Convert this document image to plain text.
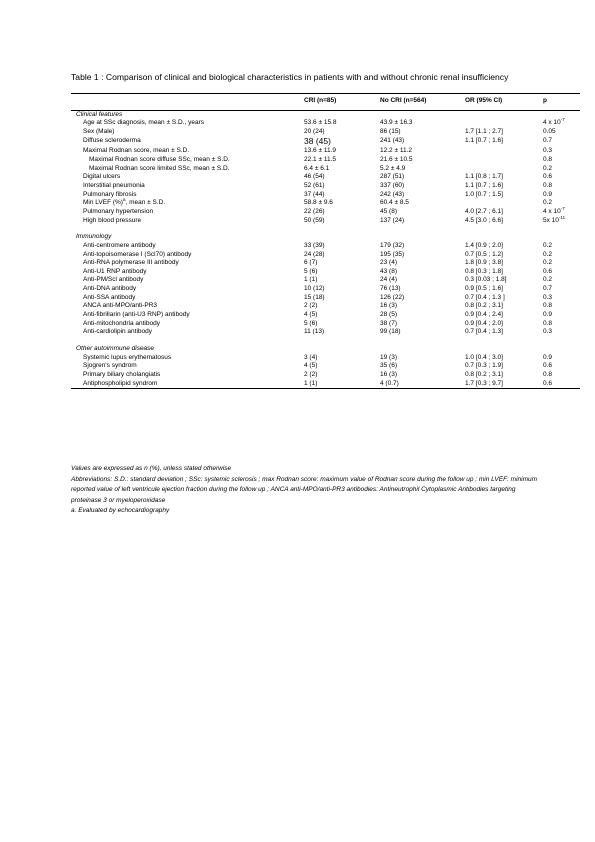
Table 1 : Comparison of clinical and biological characteristics in patients with and without chronic renal insufficiency
	CRI (n=85)	No CRI (n=564)	OR (95% CI)	p
Clinical features				
Age at SSc diagnosis, mean ± S.D., years	53.6 ± 15.8	43.9 ± 16.3		4 x $10^{-7}$
Sex (Male)	20 (24)	86 (15)	1.7 [1.1 ; 2.7]	0.05
Diffuse scleroderma	38 (45)	241 (43)	1.1 [0.7 ; 1.6]	0.7
Maximal Rodnan score, mean ± S.D.	13.6 ± 11.9	12.2 ± 11.2		0.3
Maximal Rodnan score diffuse SSc, mean ± S.D.	22.1 ± 11.5	21.6 ± 10.5		0.8
Maximal Rodnan score limited SSc, mean ± S.D.	6.4 ± 6.1	5.2 ± 4.9		0.2
Digital ulcers	46 (54)	287 (51)	1.1 [0.8 ; 1.7]	0.6
Interstitial pneumonia	52 (61)	337 (60)	1.1 [0.7 ; 1.6]	0.8
Pulmonary fibrosis	37 (44)	242 (43)	1.0 [0.7 ; 1.5]	0.9
Min LVEF (%)$^a$, mean ± S.D.	58.8 ± 9.6	60.4 ± 8.5		0.2
Pulmonary hypertension	22 (26)	45 (8)	4.0 [2.7 ; 6.1]	4 x $10^{-7}$
High blood pressure	50 (59)	137 (24)	4.5 [3.0 ; 6.6]	5x $10^{-11}$

Immunology				
Anti-centromere antibody	33 (39)	179 (32)	1.4 [0.9 ; 2.0]	0.2
Anti-topoisomerase I (Scl70) antibody	24 (28)	195 (35)	0.7 [0.5 ; 1.2]	0.2
Anti-RNA polymerase III antibody	6 (7)	23 (4)	1.8 [0.9 ; 3.8]	0.2
Anti-U1 RNP antibody	5 (6)	43 (8)	0.8 [0.3 ; 1.8]	0.6
Anti-PM/Scl antibody	1 (1)	24 (4)	0.3 [0.03 ; 1.8]	0.2
Anti-DNA antibody	10 (12)	76 (13)	0.9 [0.5 ; 1.6]	0.7
Anti-SSA antibody	15 (18)	126 (22)	0.7 [0.4 ; 1.3 ]	0.3
ANCA anti-MPO/anti-PR3	2 (2)	16 (3)	0.8 [0.2 ; 3.1]	0.8
Anti-fibrillarin (anti-U3 RNP) antibody	4 (5)	28 (5)	0.9 [0.4 ; 2.4]	0.9
Anti-mitochondria antibody	5 (6)	38 (7)	0.9 [0.4 ; 2.0]	0.8
Anti-cardiolipin antibody	11 (13)	99 (18)	0.7 [0.4 ; 1.3]	0.3

Other autoimmune disease				
Systemic lupus erythematosus	3 (4)	19 (3)	1.0 [0.4 ; 3.0]	0.9
Sjogren's syndrom	4 (5)	35 (6)	0.7 [0.3 ; 1.9]	0.6
Primary biliary cholangiatis	2 (2)	16 (3)	0.8 [0.2 ; 3.1]	0.8
Antiphospholipid syndrom	1 (1)	4 (0.7)	1.7 [0.3 ; 9.7]	0.6
Values are expressed as n (%), unless stated otherwise
Abbreviations: S.D.: standard deviation ; SSc: systemic sclerosis ; max Rodnan score: maximum value of Rodnan score during the follow up ; min LVEF: minimum reported value of left ventricule ejection fraction during the follow up ; ANCA anti-MPO/anti-PR3 antibodies: Antineutrophil Cytoplasmic Antibodies targeting proteinase 3 or myeloperoxidase
a. Evaluated by echocardiography
